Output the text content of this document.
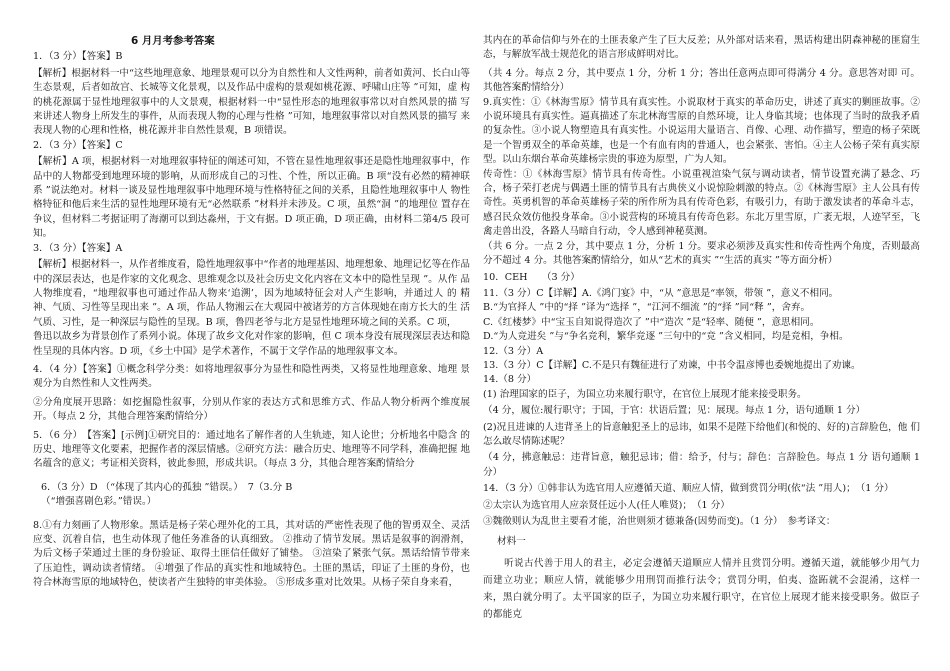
6 月月考参考答案

1．（3 分）【答案】B

【解析】根据材料一中“这些地理意象、地理景观可以分为自然性和人文性两种，前者如黄河、长白山等生态景观，后者如故宫、长城等文化景观，以及作品中虚构的景观如桃花源、呼啸山庄等 ”可知，虚 构的桃花源属于显性地理叙事中的人文景观，根据材料一中“显性形态的地理叙事常以对自然风景的描 写来讲述人物身上所发生的事件，从而表现人物的心理与性格 ”可知，地理叙事常以对自然风景的描写 来表现人物的心理和性格，桃花源并非自然性景观，B 项错误。

2．（3 分）【答案】C

【解析】A 项，根据材料一对地理叙事特征的阐述可知，不管在显性地理叙事还是隐性地理叙事中，作 品中的人物都受到地理环境的影响，从而形成自己的习性、个性，所以正确。B 项“没有必然的精神联 系 ”说法绝对。材料一谈及显性地理叙事中地理环境与性格特征之间的关系，且隐性地理叙事中人 物性格特征和他后来生活的显性地理环境有无“必然联系 ”材料并未涉及。C 项，虽然“洞 ”的地理位 置存在争议，但材料二考据证明了海潮可以到达淼州，于文有据。D 项正确，D 项正确，由材料二第4/5 段可知。

3．（3 分）【答案】A

【解析】根据材料一，从作者维度看，隐性地理叙事中“作者的地理基因、地理想象、地理记忆等在作品中的深层表达，也是作家的文化观念、思维观念以及社会历史文化内容在文本中的隐性呈现 ”。从作 品人物维度看，“地理叙事也可通过作品人物来‘追溯’，因为地域特征会对人产生影响，并通过人 的 精神、气质、习性等呈现出来 ”。A 项，作品人物湘云在大观园中被诸芳的方言体现她在南方长大的生 活气质、习性，是一种深层与隐性的呈现。B 项，鲁四老爷与北方是显性地理环境之间的关系。C 项，

鲁迅以故乡为背景创作了系列小说。体现了故乡文化对作家的影响，但 C 项本身没有展现深层表达和隐 性呈现的具体内容。D 项，《乡土中国》是学术著作，不属于文学作品的地理叙事文本。

4．（4 分）【答案】①概念科学分类：如将地理叙事分为显性和隐性两类，又将显性地理意象、地理 景观分为自然性和人文性两类。

②分角度展开思路：如挖掘隐性叙事，分别从作家的表达方式和思维方式、作品人物分析两个维度展开。（每点 2 分，其他合理答案酌情给分）

5．（6 分）　【答案】[示例]①研究目的：通过地名了解作者的人生轨迹，知人论世；分析地名中隐含 的历史、地理等文化要素，把握作者的深层情感。②研究方法：融合历史、地理等不同学科，准确把握 地名蕴含的意义；考证相关资料，彼此参照，形成共识。（每点 3 分，其他合理答案酌情给分

6．（3 分）D （“体现了其内心的孤独 ”错误。）　7（3.分 B （“增强喜剧色彩。”错误。）

8.①有力刻画了人物形象。黑话是杨子荣心理外化的工具，其对话的严密性表现了他的智勇双全、灵活 应变、沉着自信，也生动体现了他任务准备的认真细致。 ②推动了情节发展。黑话是叙事的润滑剂， 为后文杨子荣通过土匪的身份验证、取得土匪信任做好了铺垫。 ③渲染了紧张气氛。黑话给情节带来 了压迫性，调动读者情绪。 ④增强了作品的真实性和地域特色。土匪的黑话，印证了土匪的身份，也 符合林海雪原的地域特色，使读者产生独特的审美体验。 ⑤形成多重对比效果。从杨子荣自身来看，

其内在的革命信仰与外在的土匪表象产生了巨大反差；从外部对话来看，黑话构建出阴森神秘的匪窟生 态，与解放军战士规范化的语言形成鲜明对比。

（共 4 分。每点 2 分，其中要点 1 分，分析 1 分；答出任意两点即可得满分 4 分。意思答对即 可。其他答案酌情给分）

9.真实性：①《林海雪原》情节具有真实性。小说取材于真实的革命历史，讲述了真实的剿匪故事。②小说环境具有真实性。逼真描述了东北林海雪原的自然环境，让人身临其境；也体现了当时的敌我矛盾的复杂性。③小说人物塑造具有真实性。小说运用大量语言、肖像、心理、动作描写，塑造的杨子荣既是一个智勇双全的革命英雄，也是一个有血有肉的普通人，也会紧张、害怕。④主人公杨子荣有真实原型。以山东烟台革命英雄杨宗贵的事迹为原型，广为人知。

传奇性：①《林海雪原》情节具有传奇性。小说重视渲染气氛与调动读者，情节设置充满了悬念、巧合，杨子荣打老虎与偶遇土匪的情节具有古典侠义小说惊险刺激的特点。②《林海雪原》主人公具有传奇性。英勇机智的革命英雄杨子荣的所作所为具有传奇色彩，有吸引力，有助于激发读者的革命斗志，感召民众效仿他投身革命。③小说营构的环境具有传奇色彩。东北万里雪原，广袤无垠，人迹罕至，飞禽走兽出没，各路人马暗自行动，令人感到神秘莫测。

（共 6 分。一点 2 分，其中要点 1 分，分析 1 分。要求必须涉及真实性和传奇性两个角度，否则最高 分不超过 4 分。其他答案酌情给分，如从“艺术的真实 ”“生活的真实 ”等方面分析）

10．CEH　　（3 分）

11.（3 分）C【详解】A.《鸿门宴》中，“从 ”意思是“率领，带领 ”，意义不相同。

B.“为官择人 ”中的“择 ”译为“选择 ”，“江河不细流 ”的“择 ”同“释 ”，舍弃。

C.《红楼梦》中“宝玉自知说得造次了 ”中“造次 ”是“轻率、随便 ”，意思相同。

D.“为人竞进矣 ”与“争名竞利，繁华竞逐 ”三句中的“竞 ”含义相同，均是竞相，争相。

12.（3 分）A

13.（3 分）C【详解】C.不是只有魏征进行了劝谏，中书令温彦博也委婉地提出了劝谏。

14.（8 分）

(1) 治理国家的臣子，为国立功来履行职守，在官位上展现才能来接受职务。

（4 分，履位:履行职守；于国，于官：状语后置；见：展现。每点 1 分，语句通顺 1 分）

(2)况且进谏的人违背圣上的旨意触犯圣上的忌讳，如果不是陛下给他们(和悦的、好的)言辞脸色，他 们怎么敢尽情陈述呢？

（4 分，拂意触忌：违背旨意，触犯忌讳；借：给予，付与；辞色：言辞脸色。每点 1 分 语句通顺 1 分）

14．（3 分）①韩非认为选官用人应遵循天道、顺应人情，做到赏罚分明(依“法 ”用人)；　（1 分）

②太宗认为选官用人应亲贤任远小人(任人唯贤)；　（1 分）

③魏徵则认为乱世主要看才能，治世则须才德兼备(因势而变)。（1 分）　参考译文：

材料一

听说古代善于用人的君主，必定会遵循天道顺应人情并且赏罚分明。遵循天道，就能够少用气力而建立功业；顺应人情，就能够少用刑罚而推行法令；赏罚分明，伯夷、盗跖就不会混淆，这样一来，黑白就分明了。太平国家的臣子，为国立功来履行职守，在官位上展现才能来接受职务。做臣子的都能克
